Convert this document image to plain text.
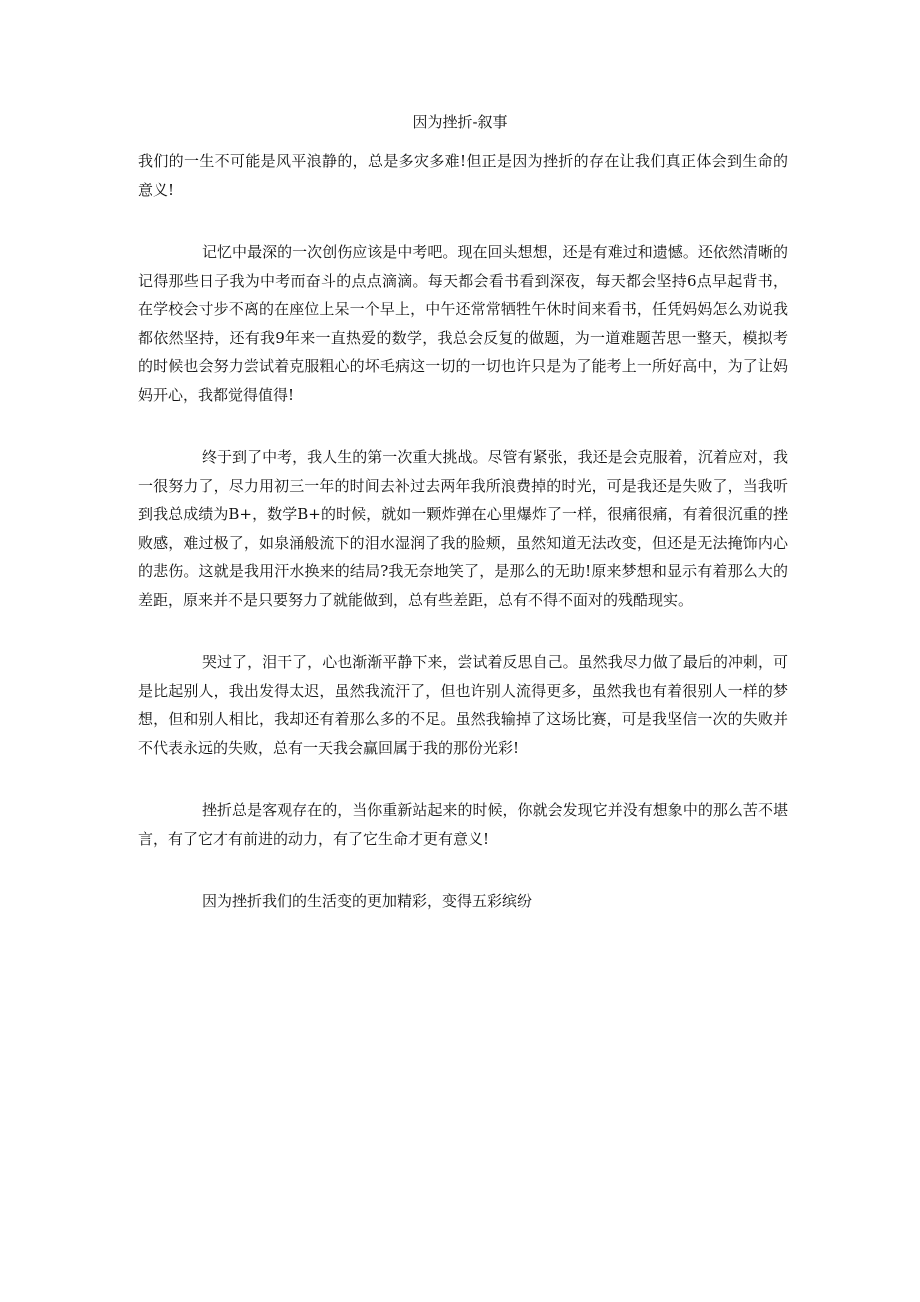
因为挫折-叙事

我们的一生不可能是风平浪静的，总是多灾多难!但正是因为挫折的存在让我们真正体会到生命的意义!

记忆中最深的一次创伤应该是中考吧。现在回头想想，还是有难过和遗憾。还依然清晰的记得那些日子我为中考而奋斗的点点滴滴。每天都会看书看到深夜，每天都会坚持6点早起背书，在学校会寸步不离的在座位上呆一个早上，中午还常常牺牲午休时间来看书，任凭妈妈怎么劝说我都依然坚持，还有我9年来一直热爱的数学，我总会反复的做题，为一道难题苦思一整天，模拟考的时候也会努力尝试着克服粗心的坏毛病这一切的一切也许只是为了能考上一所好高中，为了让妈妈开心，我都觉得值得!

终于到了中考，我人生的第一次重大挑战。尽管有紧张，我还是会克服着，沉着应对，我一很努力了，尽力用初三一年的时间去补过去两年我所浪费掉的时光，可是我还是失败了，当我听到我总成绩为B+，数学B+的时候，就如一颗炸弹在心里爆炸了一样，很痛很痛，有着很沉重的挫败感，难过极了，如泉涌般流下的泪水湿润了我的脸颊，虽然知道无法改变，但还是无法掩饰内心的悲伤。这就是我用汗水换来的结局?我无奈地笑了，是那么的无助!原来梦想和显示有着那么大的差距，原来并不是只要努力了就能做到，总有些差距，总有不得不面对的残酷现实。

哭过了，泪干了，心也渐渐平静下来，尝试着反思自己。虽然我尽力做了最后的冲刺，可是比起别人，我出发得太迟，虽然我流汗了，但也许别人流得更多，虽然我也有着很别人一样的梦想，但和别人相比，我却还有着那么多的不足。虽然我输掉了这场比赛，可是我坚信一次的失败并不代表永远的失败，总有一天我会赢回属于我的那份光彩!

挫折总是客观存在的，当你重新站起来的时候，你就会发现它并没有想象中的那么苦不堪言，有了它才有前进的动力，有了它生命才更有意义!

因为挫折我们的生活变的更加精彩，变得五彩缤纷
